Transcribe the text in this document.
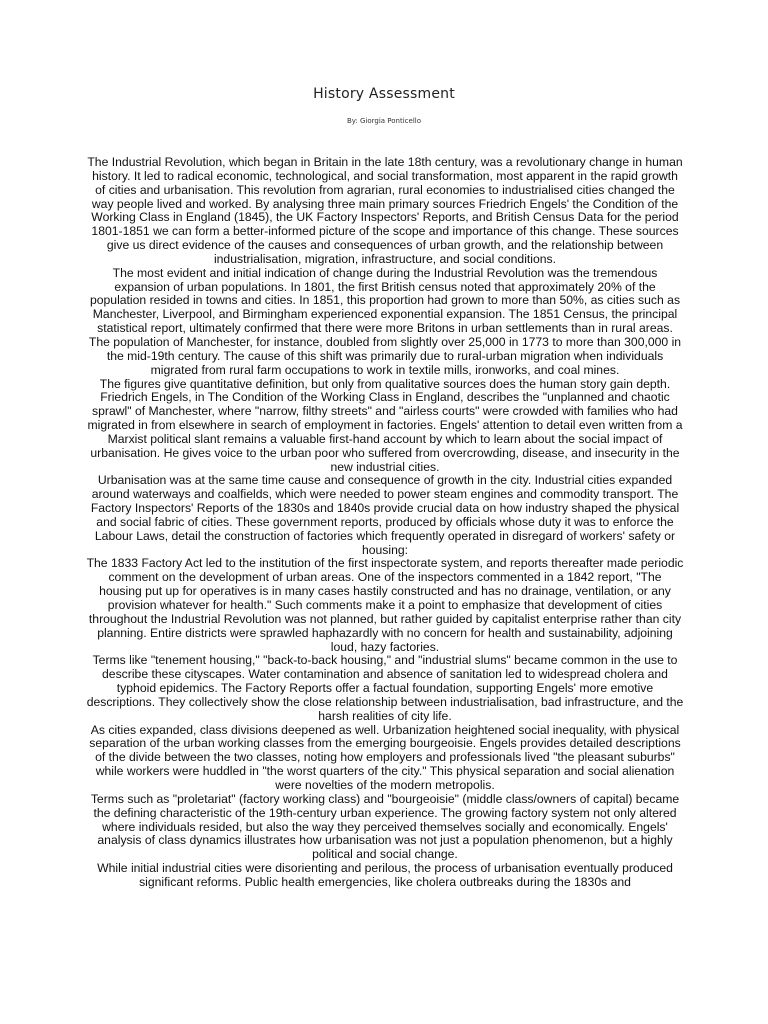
History Assessment
By: Giorgia Ponticello

The Industrial Revolution, which began in Britain in the late 18th century, was a revolutionary change in human history. It led to radical economic, technological, and social transformation, most apparent in the rapid growth of cities and urbanisation. This revolution from agrarian, rural economies to industrialised cities changed the way people lived and worked. By analysing three main primary sources Friedrich Engels' the Condition of the Working Class in England (1845), the UK Factory Inspectors' Reports, and British Census Data for the period 1801-1851 we can form a better-informed picture of the scope and importance of this change. These sources give us direct evidence of the causes and consequences of urban growth, and the relationship between industrialisation, migration, infrastructure, and social conditions.

The most evident and initial indication of change during the Industrial Revolution was the tremendous expansion of urban populations. In 1801, the first British census noted that approximately 20% of the population resided in towns and cities. In 1851, this proportion had grown to more than 50%, as cities such as Manchester, Liverpool, and Birmingham experienced exponential expansion. The 1851 Census, the principal statistical report, ultimately confirmed that there were more Britons in urban settlements than in rural areas. The population of Manchester, for instance, doubled from slightly over 25,000 in 1773 to more than 300,000 in the mid-19th century. The cause of this shift was primarily due to rural-urban migration when individuals migrated from rural farm occupations to work in textile mills, ironworks, and coal mines.

The figures give quantitative definition, but only from qualitative sources does the human story gain depth. Friedrich Engels, in The Condition of the Working Class in England, describes the "unplanned and chaotic sprawl" of Manchester, where "narrow, filthy streets" and "airless courts" were crowded with families who had migrated in from elsewhere in search of employment in factories. Engels' attention to detail even written from a Marxist political slant remains a valuable first-hand account by which to learn about the social impact of urbanisation. He gives voice to the urban poor who suffered from overcrowding, disease, and insecurity in the new industrial cities.

Urbanisation was at the same time cause and consequence of growth in the city. Industrial cities expanded around waterways and coalfields, which were needed to power steam engines and commodity transport. The Factory Inspectors' Reports of the 1830s and 1840s provide crucial data on how industry shaped the physical and social fabric of cities. These government reports, produced by officials whose duty it was to enforce the Labour Laws, detail the construction of factories which frequently operated in disregard of workers' safety or housing:

The 1833 Factory Act led to the institution of the first inspectorate system, and reports thereafter made periodic comment on the development of urban areas. One of the inspectors commented in a 1842 report, "The housing put up for operatives is in many cases hastily constructed and has no drainage, ventilation, or any provision whatever for health." Such comments make it a point to emphasize that development of cities throughout the Industrial Revolution was not planned, but rather guided by capitalist enterprise rather than city planning. Entire districts were sprawled haphazardly with no concern for health and sustainability, adjoining loud, hazy factories.

Terms like "tenement housing," "back-to-back housing," and "industrial slums" became common in the use to describe these cityscapes. Water contamination and absence of sanitation led to widespread cholera and typhoid epidemics. The Factory Reports offer a factual foundation, supporting Engels' more emotive descriptions. They collectively show the close relationship between industrialisation, bad infrastructure, and the harsh realities of city life.

As cities expanded, class divisions deepened as well. Urbanization heightened social inequality, with physical separation of the urban working classes from the emerging bourgeoisie. Engels provides detailed descriptions of the divide between the two classes, noting how employers and professionals lived "the pleasant suburbs" while workers were huddled in "the worst quarters of the city." This physical separation and social alienation were novelties of the modern metropolis.

Terms such as "proletariat" (factory working class) and "bourgeoisie" (middle class/owners of capital) became the defining characteristic of the 19th-century urban experience. The growing factory system not only altered where individuals resided, but also the way they perceived themselves socially and economically. Engels' analysis of class dynamics illustrates how urbanisation was not just a population phenomenon, but a highly political and social change.

While initial industrial cities were disorienting and perilous, the process of urbanisation eventually produced significant reforms. Public health emergencies, like cholera outbreaks during the 1830s and
